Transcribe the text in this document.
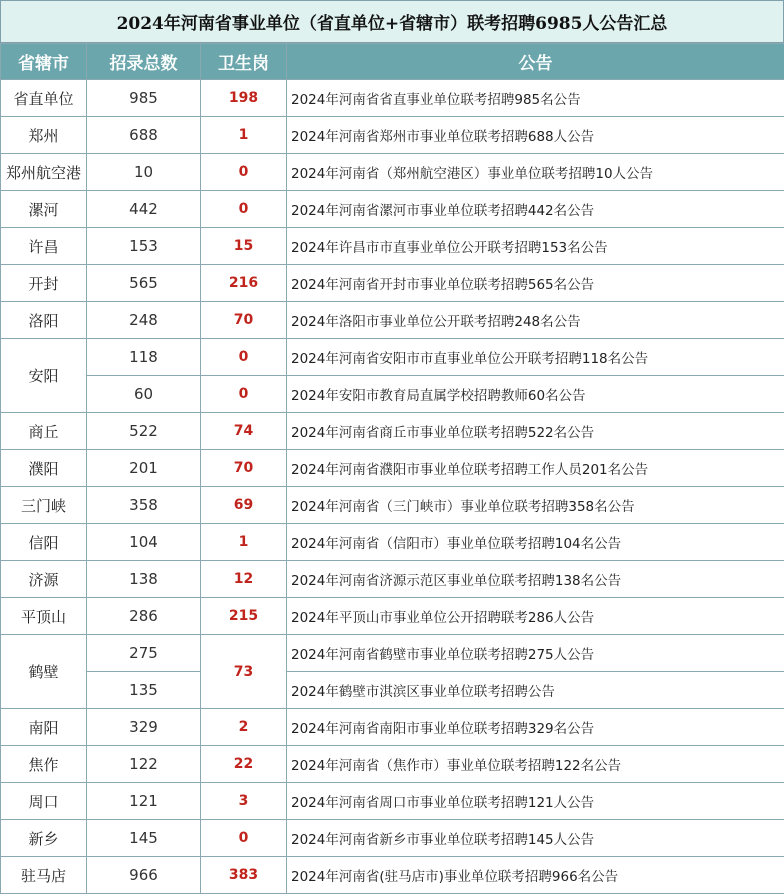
2024年河南省事业单位（省直单位+省辖市）联考招聘6985人公告汇总
省辖市	招录总数	卫生岗	公告
省直单位	985	198	2024年河南省省直事业单位联考招聘985名公告
郑州	688	1	2024年河南省郑州市事业单位联考招聘688人公告
郑州航空港	10	0	2024年河南省（郑州航空港区）事业单位联考招聘10人公告
漯河	442	0	2024年河南省漯河市事业单位联考招聘442名公告
许昌	153	15	2024年许昌市市直事业单位公开联考招聘153名公告
开封	565	216	2024年河南省开封市事业单位联考招聘565名公告
洛阳	248	70	2024年洛阳市事业单位公开联考招聘248名公告
安阳	118	0	2024年河南省安阳市市直事业单位公开联考招聘118名公告
	60	0	2024年安阳市教育局直属学校招聘教师60名公告
商丘	522	74	2024年河南省商丘市事业单位联考招聘522名公告
濮阳	201	70	2024年河南省濮阳市事业单位联考招聘工作人员201名公告
三门峡	358	69	2024年河南省（三门峡市）事业单位联考招聘358名公告
信阳	104	1	2024年河南省（信阳市）事业单位联考招聘104名公告
济源	138	12	2024年河南省济源示范区事业单位联考招聘138名公告
平顶山	286	215	2024年平顶山市事业单位公开招聘联考286人公告
鹤壁	275	73	2024年河南省鹤壁市事业单位联考招聘275人公告
	135		2024年鹤壁市淇滨区事业单位联考招聘公告
南阳	329	2	2024年河南省南阳市事业单位联考招聘329名公告
焦作	122	22	2024年河南省（焦作市）事业单位联考招聘122名公告
周口	121	3	2024年河南省周口市事业单位联考招聘121人公告
新乡	145	0	2024年河南省新乡市事业单位联考招聘145人公告
驻马店	966	383	2024年河南省(驻马店市)事业单位联考招聘966名公告
